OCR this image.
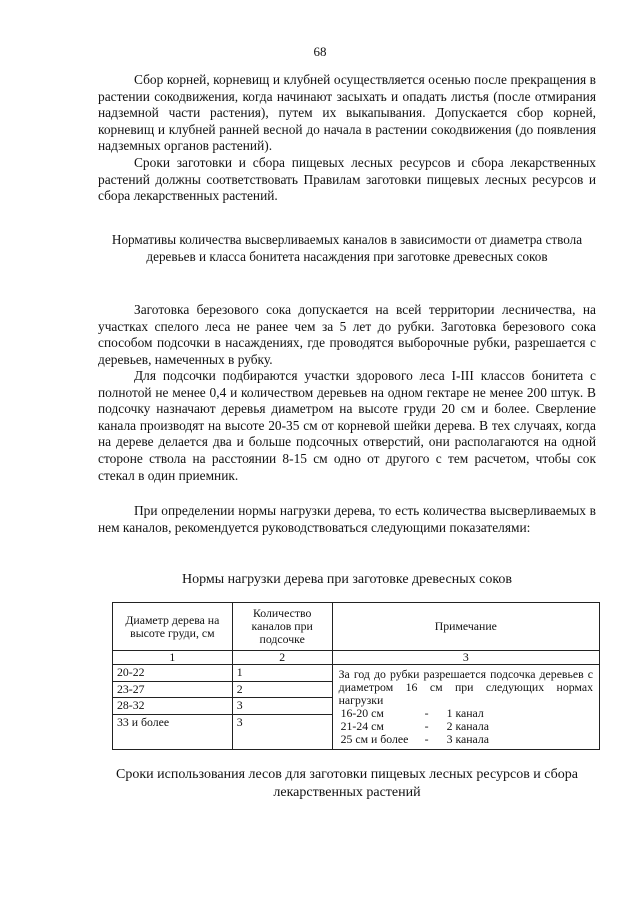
68

Сбор корней, корневищ и клубней осуществляется осенью после прекращения в растении сокодвижения, когда начинают засыхать и опадать листья (после отмирания надземной части растения), путем их выкапывания. Допускается сбор корней, корневищ и клубней ранней весной до начала в растении сокодвижения (до появления надземных органов растений).

Сроки заготовки и сбора пищевых лесных ресурсов и сбора лекарственных растений должны соответствовать Правилам заготовки пищевых лесных ресурсов и сбора лекарственных растений.

Нормативы количества высверливаемых каналов в зависимости от диаметра ствола деревьев и класса бонитета насаждения при заготовке древесных соков

Заготовка березового сока допускается на всей территории лесничества, на участках спелого леса не ранее чем за 5 лет до рубки. Заготовка березового сока способом подсочки в насаждениях, где проводятся выборочные рубки, разрешается с деревьев, намеченных в рубку.

Для подсочки подбираются участки здорового леса I-III классов бонитета с полнотой не менее 0,4 и количеством деревьев на одном гектаре не менее 200 штук. В подсочку назначают деревья диаметром на высоте груди 20 см и более. Сверление канала производят на высоте 20-35 см от корневой шейки дерева. В тех случаях, когда на дереве делается два и больше подсочных отверстий, они располагаются на одной стороне ствола на расстоянии 8-15 см одно от другого с тем расчетом, чтобы сок стекал в один приемник.

При определении нормы нагрузки дерева, то есть количества высверливаемых в нем каналов, рекомендуется руководствоваться следующими показателями:

Нормы нагрузки дерева при заготовке древесных соков
Диаметр дерева на высоте груди, см	Количество каналов при подсочке	Примечание
1	2	3
20-22	1	За год до рубки разрешается подсочка деревьев с диаметром 16 см при следующих нормах нагрузки
16-20 см - 1 канал
21-24 см - 2 канала
25 см и более - 3 канала

23-27	2	
28-32	3	
33 и более	3	
Сроки использования лесов для заготовки пищевых лесных ресурсов и сбора лекарственных растений
